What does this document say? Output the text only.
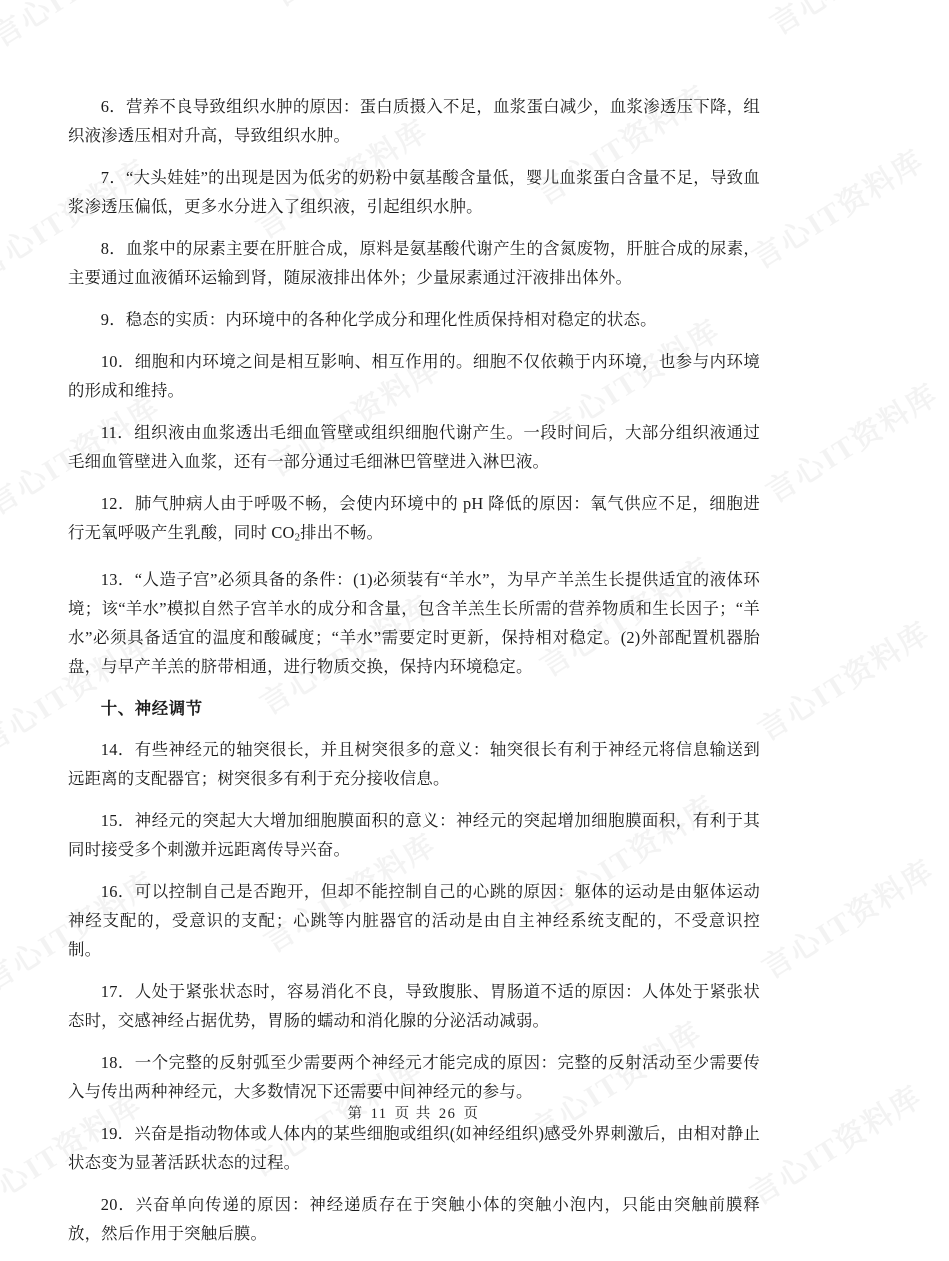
6．营养不良导致组织水肿的原因：蛋白质摄入不足，血浆蛋白减少，血浆渗透压下降，组织液渗透压相对升高，导致组织水肿。

7．“大头娃娃”的出现是因为低劣的奶粉中氨基酸含量低，婴儿血浆蛋白含量不足，导致血浆渗透压偏低，更多水分进入了组织液，引起组织水肿。

8．血浆中的尿素主要在肝脏合成，原料是氨基酸代谢产生的含氮废物，肝脏合成的尿素，主要通过血液循环运输到肾，随尿液排出体外；少量尿素通过汗液排出体外。

9．稳态的实质：内环境中的各种化学成分和理化性质保持相对稳定的状态。

10．细胞和内环境之间是相互影响、相互作用的。细胞不仅依赖于内环境，也参与内环境的形成和维持。

11．组织液由血浆透出毛细血管壁或组织细胞代谢产生。一段时间后，大部分组织液通过毛细血管壁进入血浆，还有一部分通过毛细淋巴管壁进入淋巴液。

12．肺气肿病人由于呼吸不畅，会使内环境中的 pH 降低的原因：氧气供应不足，细胞进行无氧呼吸产生乳酸，同时 $CO_2$排出不畅。

13．“人造子宫”必须具备的条件：(1)必须装有“羊水”，为早产羊羔生长提供适宜的液体环境；该“羊水”模拟自然子宫羊水的成分和含量，包含羊羔生长所需的营养物质和生长因子；“羊水”必须具备适宜的温度和酸碱度；“羊水”需要定时更新，保持相对稳定。(2)外部配置机器胎盘，与早产羊羔的脐带相通，进行物质交换，保持内环境稳定。

十、神经调节

14．有些神经元的轴突很长，并且树突很多的意义：轴突很长有利于神经元将信息输送到远距离的支配器官；树突很多有利于充分接收信息。

15．神经元的突起大大增加细胞膜面积的意义：神经元的突起增加细胞膜面积，有利于其同时接受多个刺激并远距离传导兴奋。

16．可以控制自己是否跑开，但却不能控制自己的心跳的原因：躯体的运动是由躯体运动神经支配的，受意识的支配；心跳等内脏器官的活动是由自主神经系统支配的，不受意识控制。

17．人处于紧张状态时，容易消化不良，导致腹胀、胃肠道不适的原因：人体处于紧张状态时，交感神经占据优势，胃肠的蠕动和消化腺的分泌活动减弱。

18．一个完整的反射弧至少需要两个神经元才能完成的原因：完整的反射活动至少需要传入与传出两种神经元，大多数情况下还需要中间神经元的参与。

19．兴奋是指动物体或人体内的某些细胞或组织(如神经组织)感受外界刺激后，由相对静止状态变为显著活跃状态的过程。

20．兴奋单向传递的原因：神经递质存在于突触小体的突触小泡内，只能由突触前膜释放，然后作用于突触后膜。

第 11 页 共 26 页
